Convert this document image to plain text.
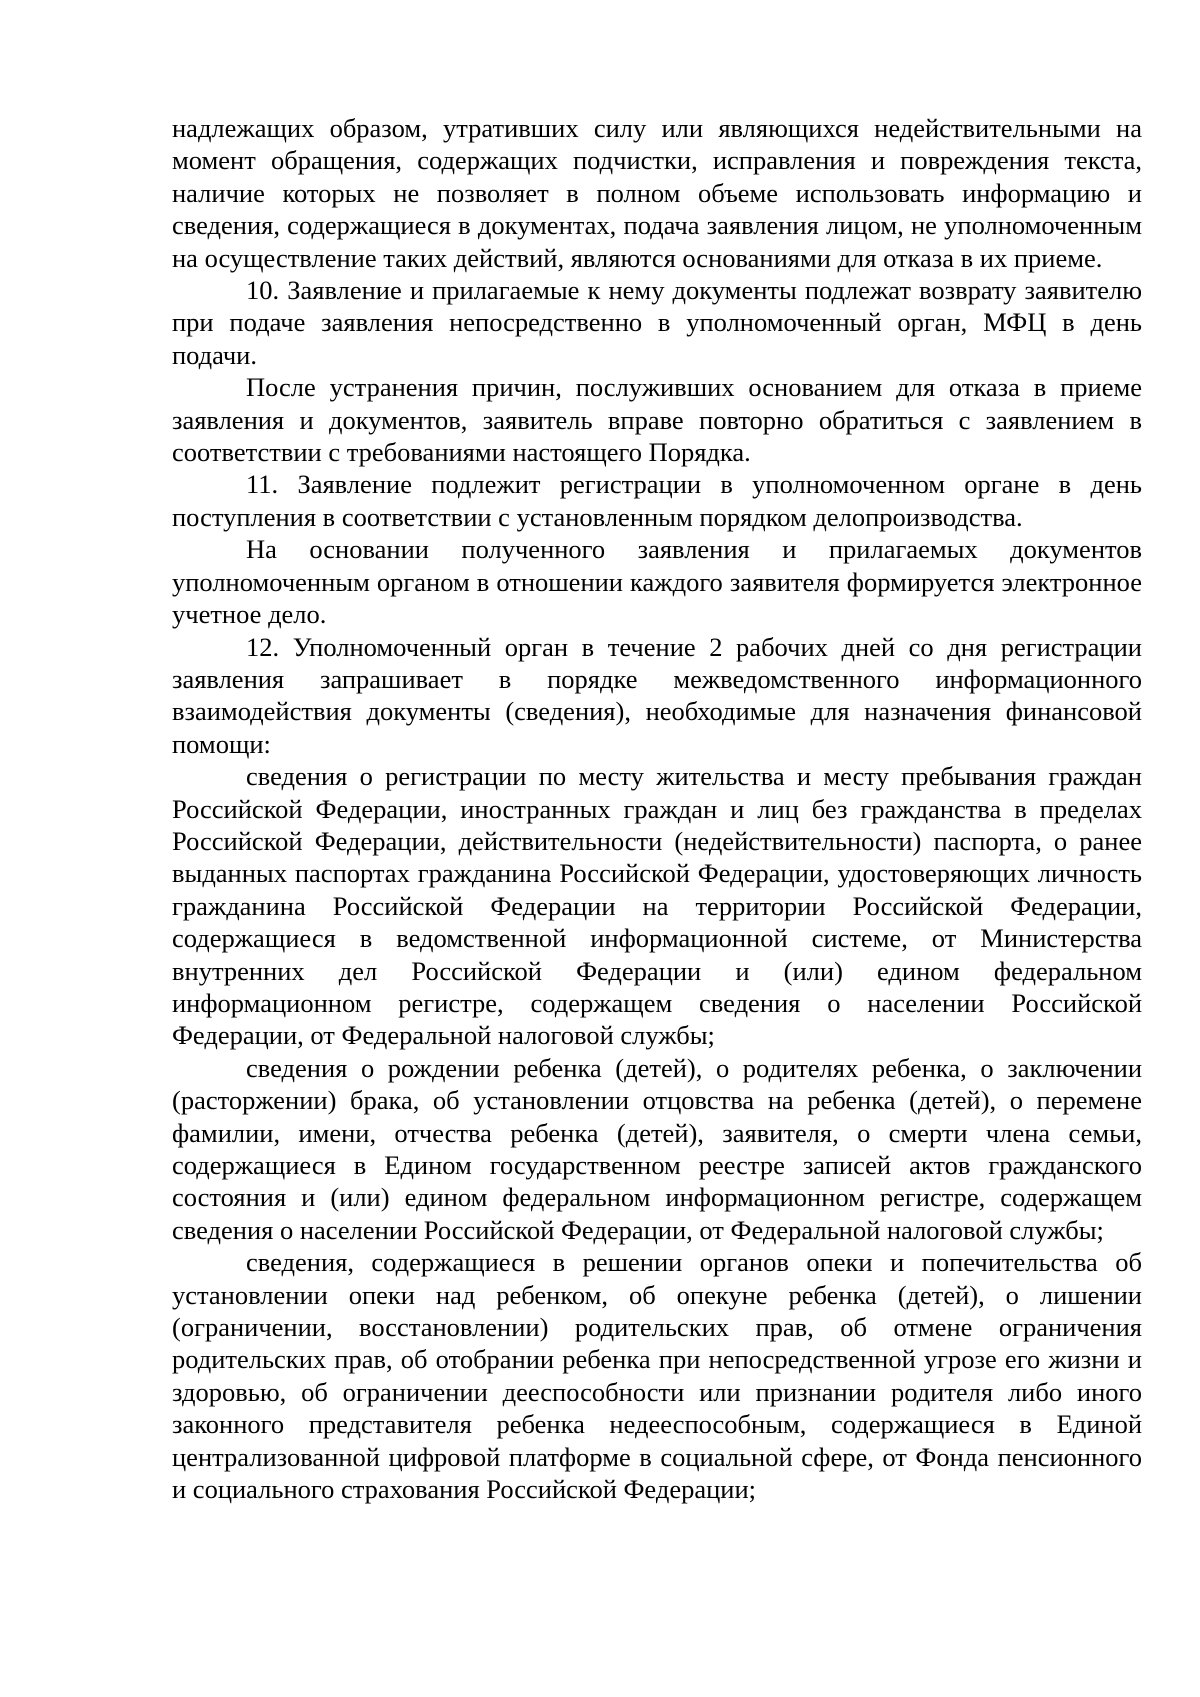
надлежащих образом, утративших силу или являющихся недействительными на момент обращения, содержащих подчистки, исправления и повреждения текста, наличие которых не позволяет в полном объеме использовать информацию и сведения, содержащиеся в документах, подача заявления лицом, не уполномоченным на осуществление таких действий, являются основаниями для отказа в их приеме.

10. Заявление и прилагаемые к нему документы подлежат возврату заявителю при подаче заявления непосредственно в уполномоченный орган, МФЦ в день подачи.

После устранения причин, послуживших основанием для отказа в приеме заявления и документов, заявитель вправе повторно обратиться с заявлением в соответствии с требованиями настоящего Порядка.

11. Заявление подлежит регистрации в уполномоченном органе в день поступления в соответствии с установленным порядком делопроизводства.

На основании полученного заявления и прилагаемых документов уполномоченным органом в отношении каждого заявителя формируется электронное учетное дело.

12. Уполномоченный орган в течение 2 рабочих дней со дня регистрации заявления запрашивает в порядке межведомственного информационного взаимодействия документы (сведения), необходимые для назначения финансовой помощи:

сведения о регистрации по месту жительства и месту пребывания граждан Российской Федерации, иностранных граждан и лиц без гражданства в пределах Российской Федерации, действительности (недействительности) паспорта, о ранее выданных паспортах гражданина Российской Федерации, удостоверяющих личность гражданина Российской Федерации на территории Российской Федерации, содержащиеся в ведомственной информационной системе, от Министерства внутренних дел Российской Федерации и (или) едином федеральном информационном регистре, содержащем сведения о населении Российской Федерации, от Федеральной налоговой службы;

сведения о рождении ребенка (детей), о родителях ребенка, о заключении (расторжении) брака, об установлении отцовства на ребенка (детей), о перемене фамилии, имени, отчества ребенка (детей), заявителя, о смерти члена семьи, содержащиеся в Едином государственном реестре записей актов гражданского состояния и (или) едином федеральном информационном регистре, содержащем сведения о населении Российской Федерации, от Федеральной налоговой службы;

сведения, содержащиеся в решении органов опеки и попечительства об установлении опеки над ребенком, об опекуне ребенка (детей), о лишении (ограничении, восстановлении) родительских прав, об отмене ограничения родительских прав, об отобрании ребенка при непосредственной угрозе его жизни и здоровью, об ограничении дееспособности или признании родителя либо иного законного представителя ребенка недееспособным, содержащиеся в Единой централизованной цифровой платформе в социальной сфере, от Фонда пенсионного и социального страхования Российской Федерации;
